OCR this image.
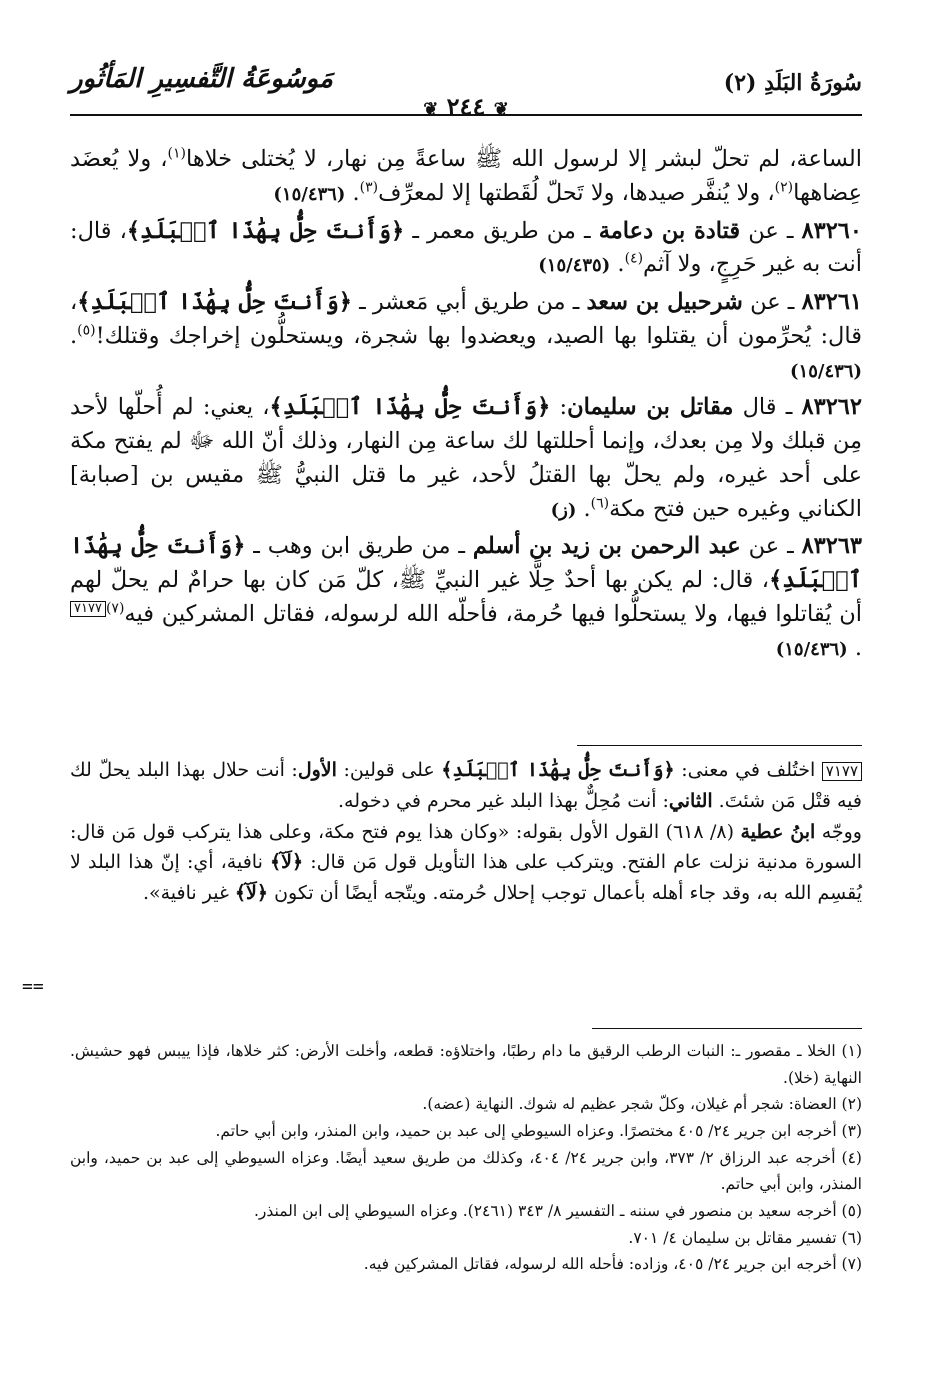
سُورَةُ البَلَدِ (٢)
❦ ٢٤٤ ❦
مَوسُوعَةُ التَّفسِيرِ المَأثُور

الساعة، لم تحلّ لبشر إلا لرسول الله ﷺ ساعةً مِن نهار، لا يُختلى خلاها$^{(١)}$، ولا يُعضَد عِضاهها$^{(٢)}$، ولا يُنفَّر صيدها، ولا تَحلّ لُقَطتها إلا لمعرِّف$^{(٣)}$. (١٥/٤٣٦)

٨٣٢٦٠ ـ عن قتادة بن دعامة ـ من طريق معمر ـ ﴿وَأَنتَ حِلُّۢ بِهَٰذَا ٱلۡبَلَدِ﴾، قال: أنت به غير حَرِجٍ، ولا آثم$^{(٤)}$. (١٥/٤٣٥)

٨٣٢٦١ ـ عن شرحبيل بن سعد ـ من طريق أبي مَعشر ـ ﴿وَأَنتَ حِلُّۢ بِهَٰذَا ٱلۡبَلَدِ﴾، قال: يُحرِّمون أن يقتلوا بها الصيد، ويعضدوا بها شجرة، ويستحلُّون إخراجك وقتلك!$^{(٥)}$. (١٥/٤٣٦)

٨٣٢٦٢ ـ قال مقاتل بن سليمان: ﴿وَأَنتَ حِلُّۢ بِهَٰذَا ٱلۡبَلَدِ﴾، يعني: لم أُحلّها لأحد مِن قبلك ولا مِن بعدك، وإنما أحللتها لك ساعة مِن النهار، وذلك أنّ الله ﷻ لم يفتح مكة على أحد غيره، ولم يحلّ بها القتلُ لأحد، غير ما قتل النبيُّ ﷺ مقيس بن [صبابة] الكناني وغيره حين فتح مكة$^{(٦)}$. (ز)

٨٣٢٦٣ ـ عن عبد الرحمن بن زيد بن أسلم ـ من طريق ابن وهب ـ ﴿وَأَنتَ حِلُّۢ بِهَٰذَا ٱلۡبَلَدِ﴾، قال: لم يكن بها أحدٌ حِلًّا غير النبيِّ ﷺ، كلّ مَن كان بها حرامٌ لم يحلّ لهم أن يُقاتلوا فيها، ولا يستحلُّوا فيها حُرمة، فأحلّه الله لرسوله، فقاتل المشركين فيه$^{(٧)}$٧١٧٧. (١٥/٤٣٦)

٧١٧٧ اختُلف في معنى: ﴿وَأَنتَ حِلُّۢ بِهَٰذَا ٱلۡبَلَدِ﴾ على قولين: الأول: أنت حلال بهذا البلد يحلّ لك فيه قتْل مَن شئتَ. الثاني: أنت مُحِلٌّ بهذا البلد غير محرم في دخوله.

ووجّه ابنُ عطية (٨/ ٦١٨) القول الأول بقوله: «وكان هذا يوم فتح مكة، وعلى هذا يتركب قول مَن قال: السورة مدنية نزلت عام الفتح. ويتركب على هذا التأويل قول مَن قال: ﴿لَآ﴾ نافية، أي: إنّ هذا البلد لا يُقسِم الله به، وقد جاء أهله بأعمال توجب إحلال حُرمته. ويتّجه أيضًا أن تكون ﴿لَآ﴾ غير نافية».

==

(١) الخلا ـ مقصور ـ: النبات الرطب الرقيق ما دام رطبًا، واختلاؤه: قطعه، وأخلت الأرض: كثر خلاها، فإذا ييبس فهو حشيش. النهاية (خلا).

(٢) العضاة: شجر أم غيلان، وكلّ شجر عظيم له شوك. النهاية (عضه).

(٣) أخرجه ابن جرير ٢٤/ ٤٠٥ مختصرًا. وعزاه السيوطي إلى عبد بن حميد، وابن المنذر، وابن أبي حاتم.

(٤) أخرجه عبد الرزاق ٢/ ٣٧٣، وابن جرير ٢٤/ ٤٠٤، وكذلك من طريق سعيد أيضًا. وعزاه السيوطي إلى عبد بن حميد، وابن المنذر، وابن أبي حاتم.

(٥) أخرجه سعيد بن منصور في سننه ـ التفسير ٨/ ٣٤٣ (٢٤٦١). وعزاه السيوطي إلى ابن المنذر.

(٦) تفسير مقاتل بن سليمان ٤/ ٧٠١.

(٧) أخرجه ابن جرير ٢٤/ ٤٠٥، وزاده: فأحله الله لرسوله، فقاتل المشركين فيه.
